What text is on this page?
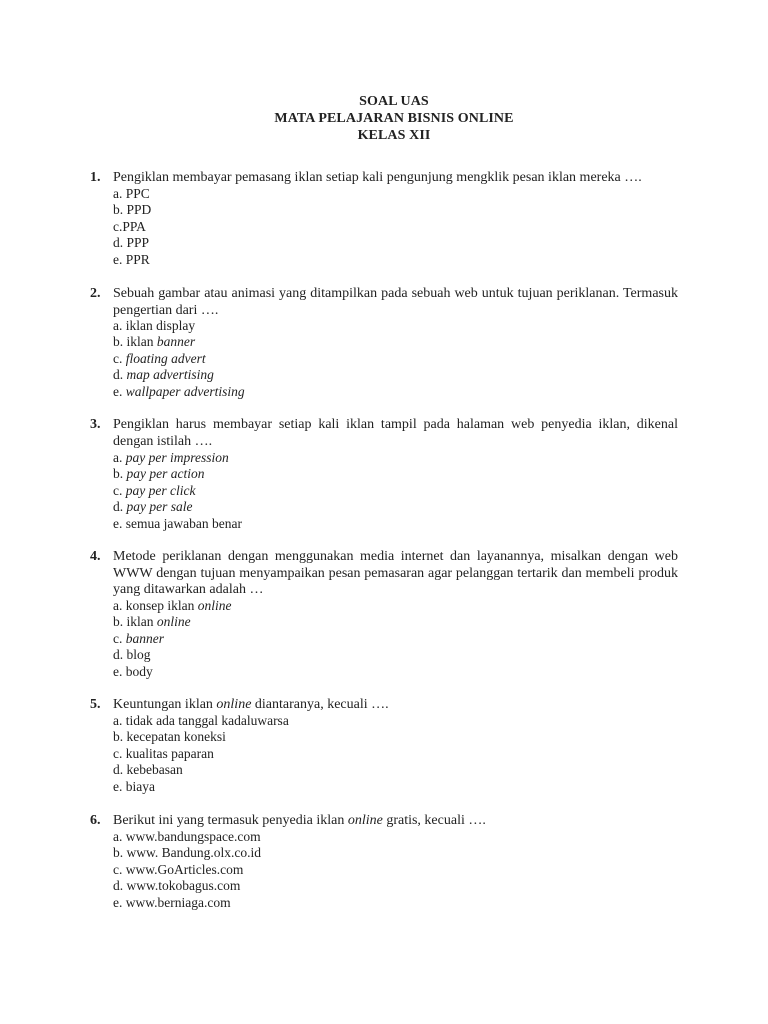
SOAL UAS
MATA PELAJARAN BISNIS ONLINE
KELAS XII
1. Pengiklan membayar pemasang iklan setiap kali pengunjung mengklik pesan iklan mereka ….
a. PPC
b. PPD
c.PPA
d. PPP
e. PPR
2. Sebuah gambar atau animasi yang ditampilkan pada sebuah web untuk tujuan periklanan. Termasuk pengertian dari ….
a. iklan display
b. iklan banner
c. floating advert
d. map advertising
e. wallpaper advertising
3. Pengiklan harus membayar setiap kali iklan tampil pada halaman web penyedia iklan, dikenal dengan istilah ….
a. pay per impression
b. pay per action
c. pay per click
d. pay per sale
e. semua jawaban benar
4. Metode periklanan dengan menggunakan media internet dan layanannya, misalkan dengan web WWW dengan tujuan menyampaikan pesan pemasaran agar pelanggan tertarik dan membeli produk yang ditawarkan adalah …
a. konsep iklan online
b. iklan online
c. banner
d. blog
e. body
5. Keuntungan iklan online diantaranya, kecuali ….
a. tidak ada tanggal kadaluwarsa
b. kecepatan koneksi
c. kualitas paparan
d. kebebasan
e. biaya
6. Berikut ini yang termasuk penyedia iklan online gratis, kecuali ….
a. www.bandungspace.com
b. www. Bandung.olx.co.id
c. www.GoArticles.com
d. www.tokobagus.com
e. www.berniaga.com
